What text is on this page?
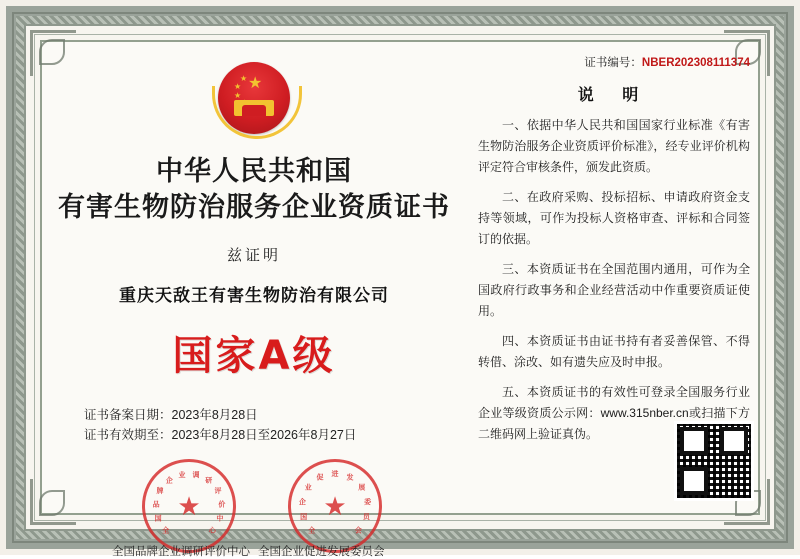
★
★
★
★
中华人民共和国
有害生物防治服务企业资质证书
兹证明
重庆天敌王有害生物防治有限公司
国家A级
证书备案日期：2023年8月28日
证书有效期至：2023年8月28日至2026年8月27日
全
国
品
牌
企
业 调
研
评
价
中
心
★
全
国
企
业
促
进
发
展
委
员
会
★
全国品牌企业调研评价中心 全国企业促进发展委员会
证书编号：NBER202308111374
说 明
一、依据中华人民共和国国家行业标准《有害生物防治服务企业资质评价标准》，经专业评价机构评定符合审核条件，颁发此资质。
二、在政府采购、投标招标、申请政府资金支持等领域，可作为投标人资格审查、评标和合同签订的依据。
三、本资质证书在全国范围内通用，可作为全国政府行政事务和企业经营活动中作重要资质证使用。
四、本资质证书由证书持有者妥善保管、不得转借、涂改、如有遗失应及时申报。
五、本资质证书的有效性可登录全国服务行业企业等级资质公示网：www.315nber.cn或扫描下方二维码网上验证真伪。
